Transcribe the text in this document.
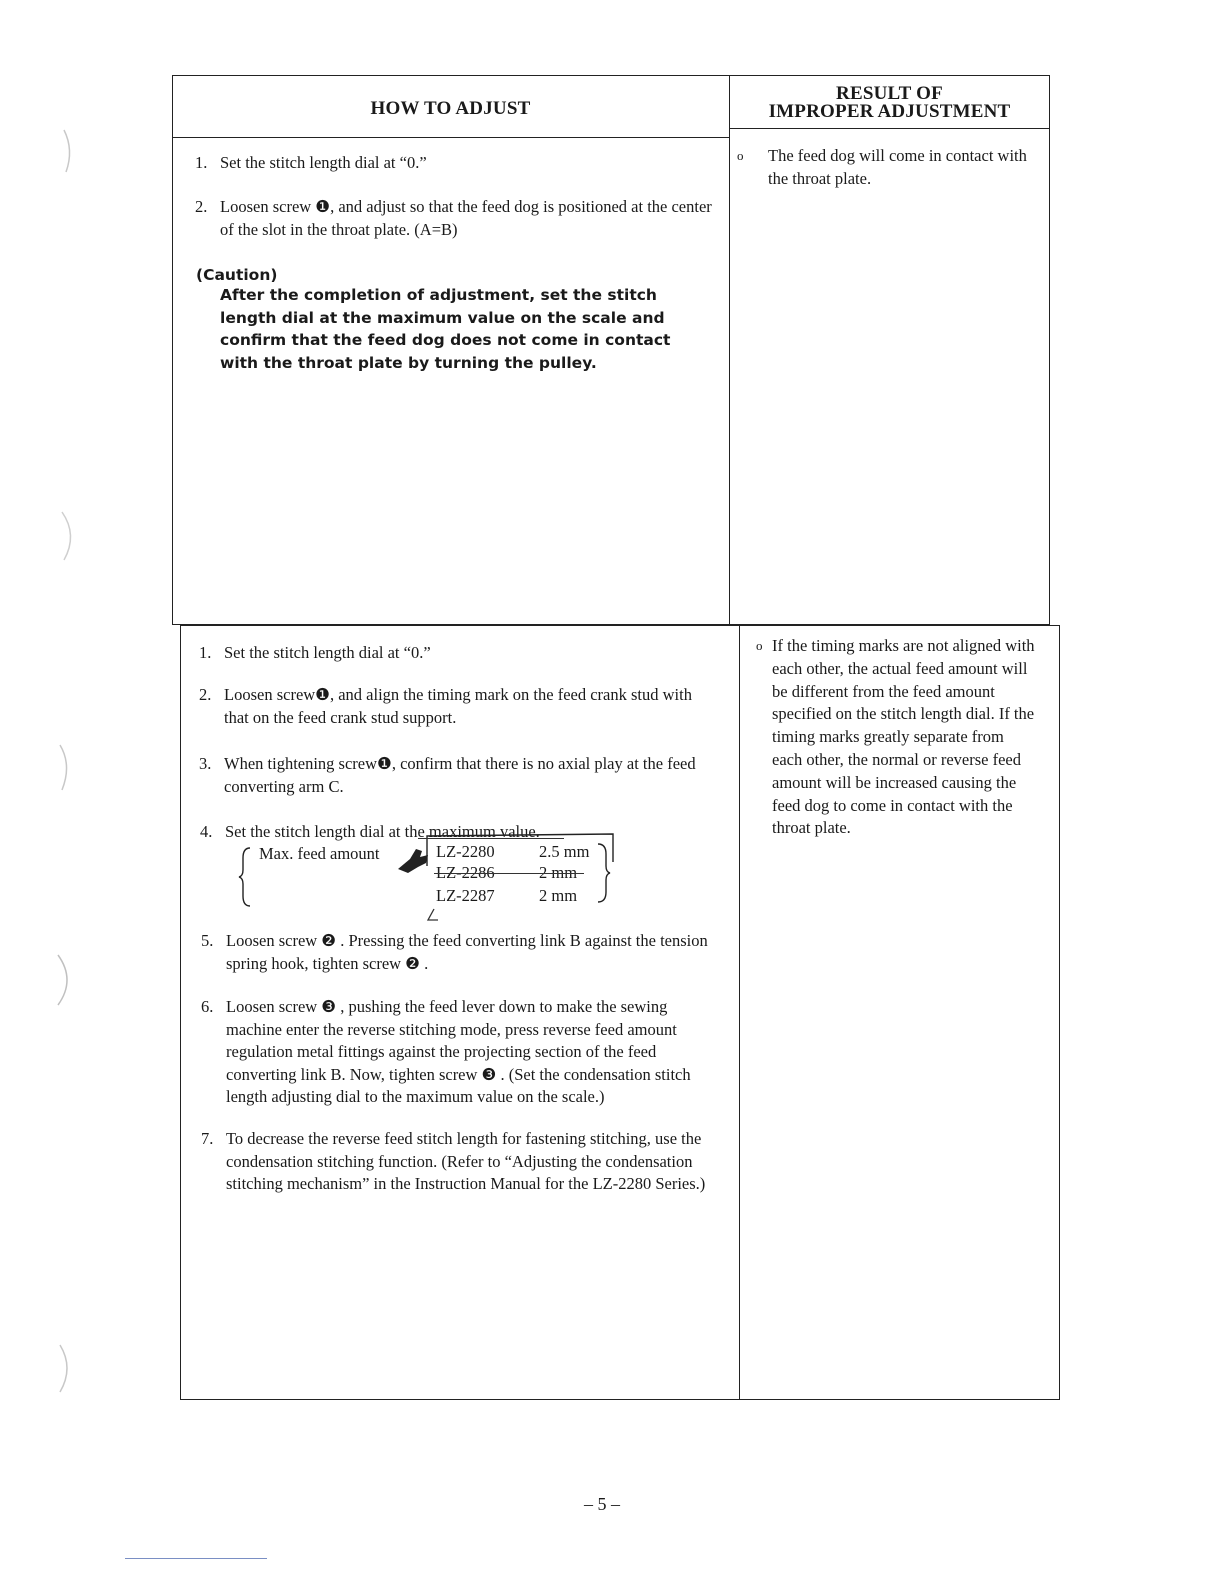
HOW TO ADJUST
RESULT OF
IMPROPER ADJUSTMENT
1. Set the stitch length dial at “0.”
2. Loosen screw ❶, and adjust so that the feed dog is positioned at the center of the slot in the throat plate. (A=B)
(Caution)
After the completion of adjustment, set the stitch length dial at the maximum value on the scale and confirm that the feed dog does not come in contact with the throat plate by turning the pulley.
o The feed dog will come in contact with the throat plate.
1. Set the stitch length dial at “0.”
2. Loosen screw❶, and align the timing mark on the feed crank stud with that on the feed crank stud support.
3. When tightening screw❶, confirm that there is no axial play at the feed converting arm C.
4. Set the stitch length dial at the maximum value.
Max. feed amount	LZ-2280	2.5 mm
LZ-2286	2 mm
LZ-2287	2 mm
5. Loosen screw ❷ . Pressing the feed converting link B against the tension spring hook, tighten screw ❷ .
6. Loosen screw ❸ , pushing the feed lever down to make the sewing machine enter the reverse stitching mode, press reverse feed amount regulation metal fittings against the projecting section of the feed converting link B. Now, tighten screw ❸ . (Set the condensation stitch length adjusting dial to the maximum value on the scale.)
7. To decrease the reverse feed stitch length for fastening stitching, use the condensation stitching function. (Refer to “Adjusting the condensation stitching mechanism” in the Instruction Manual for the LZ-2280 Series.)
o If the timing marks are not aligned with each other, the actual feed amount will be different from the feed amount specified on the stitch length dial. If the timing marks greatly separate from each other, the normal or reverse feed amount will be increased causing the feed dog to come in contact with the throat plate.
– 5 –
